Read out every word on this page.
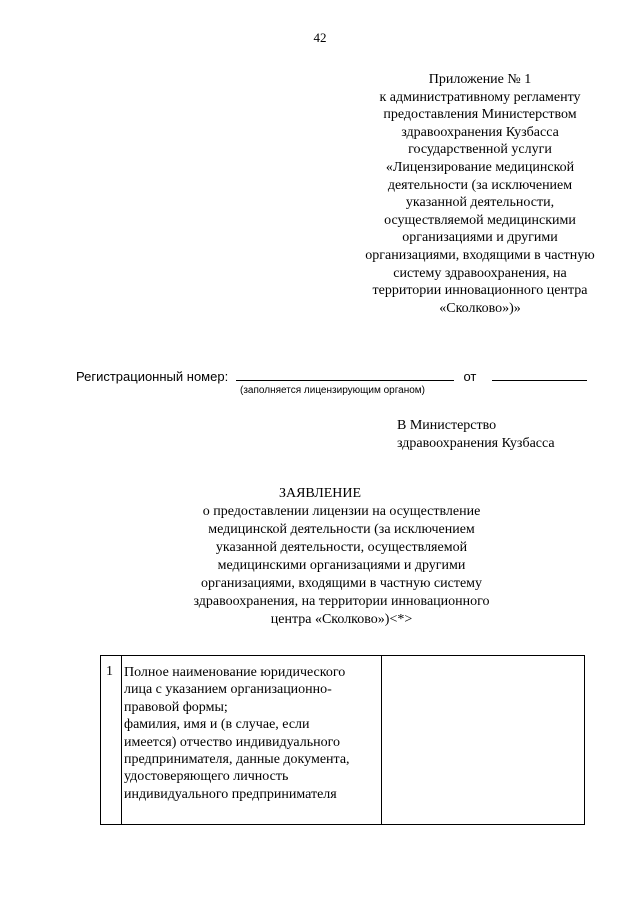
42
Приложение № 1
к административному регламенту
предоставления Министерством
здравоохранения Кузбасса
государственной услуги
«Лицензирование медицинской
деятельности (за исключением
указанной деятельности,
осуществляемой медицинскими
организациями и другими
организациями, входящими в частную
систему здравоохранения, на
территории инновационного центра
«Сколково»)»
Регистрационный номер:	от
(заполняется лицензирующим органом)
В Министерство
здравоохранения Кузбасса
ЗАЯВЛЕНИЕ
о предоставлении лицензии на осуществление
медицинской деятельности (за исключением
указанной деятельности, осуществляемой
медицинскими организациями и другими
организациями, входящими в частную систему
здравоохранения, на территории инновационного
центра «Сколково»)<*>
1 Полное наименование юридического
лица с указанием организационно-
правовой формы;
фамилия, имя и (в случае, если
имеется) отчество индивидуального
предпринимателя, данные документа,
удостоверяющего личность
индивидуального предпринимателя
